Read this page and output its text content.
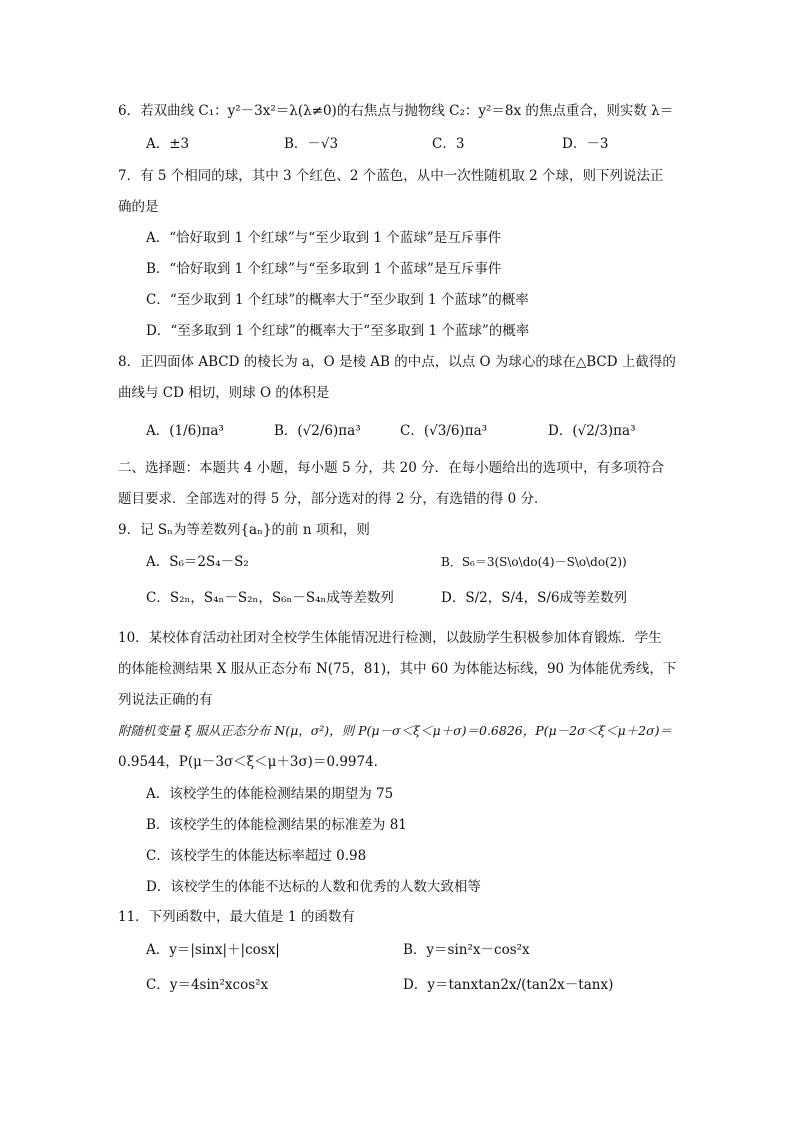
6．若双曲线 C₁：y²－3x²＝λ(λ≠0)的右焦点与抛物线 C₂：y²＝8x 的焦点重合，则实数 λ＝
A．±3	B．－√3	C．3	D．－3
7．有 5 个相同的球，其中 3 个红色、2 个蓝色，从中一次性随机取 2 个球，则下列说法正
确的是
A．“恰好取到 1 个红球”与“至少取到 1 个蓝球”是互斥事件
B．“恰好取到 1 个红球”与“至多取到 1 个蓝球”是互斥事件
C．“至少取到 1 个红球”的概率大于“至少取到 1 个蓝球”的概率
D．“至多取到 1 个红球”的概率大于“至多取到 1 个蓝球”的概率
8．正四面体 ABCD 的棱长为 a，O 是棱 AB 的中点，以点 O 为球心的球在△BCD 上截得的
曲线与 CD 相切，则球 O 的体积是
A．(1/6)πa³	B．(√2/6)πa³	C．(√3/6)πa³	D．(√2/3)πa³
二、选择题：本题共 4 小题，每小题 5 分，共 20 分．在每小题给出的选项中，有多项符合
题目要求．全部选对的得 5 分，部分选对的得 2 分，有选错的得 0 分．
9．记 Sₙ为等差数列{aₙ}的前 n 项和，则
A．S₆＝2S₄－S₂	B．S₆＝3(S\o\do(4)－S\o\do(2))
C．S₂ₙ，S₄ₙ－S₂ₙ，S₆ₙ－S₄ₙ成等差数列	D．S/2，S/4，S/6成等差数列
10．某校体育活动社团对全校学生体能情况进行检测，以鼓励学生积极参加体育锻炼．学生
的体能检测结果 X 服从正态分布 N(75，81)，其中 60 为体能达标线，90 为体能优秀线，下
列说法正确的有
附随机变量 ξ 服从正态分布 N(μ，σ²)，则 P(μ－σ＜ξ＜μ＋σ)＝0.6826，P(μ－2σ＜ξ＜μ＋2σ)＝
0.9544，P(μ－3σ＜ξ＜μ＋3σ)＝0.9974．
A．该校学生的体能检测结果的期望为 75
B．该校学生的体能检测结果的标准差为 81
C．该校学生的体能达标率超过 0.98
D．该校学生的体能不达标的人数和优秀的人数大致相等
11．下列函数中，最大值是 1 的函数有
A．y＝|sinx|＋|cosx|	B．y＝sin²x－cos²x
C．y＝4sin²xcos²x	D．y＝tanxtan2x/(tan2x－tanx)
